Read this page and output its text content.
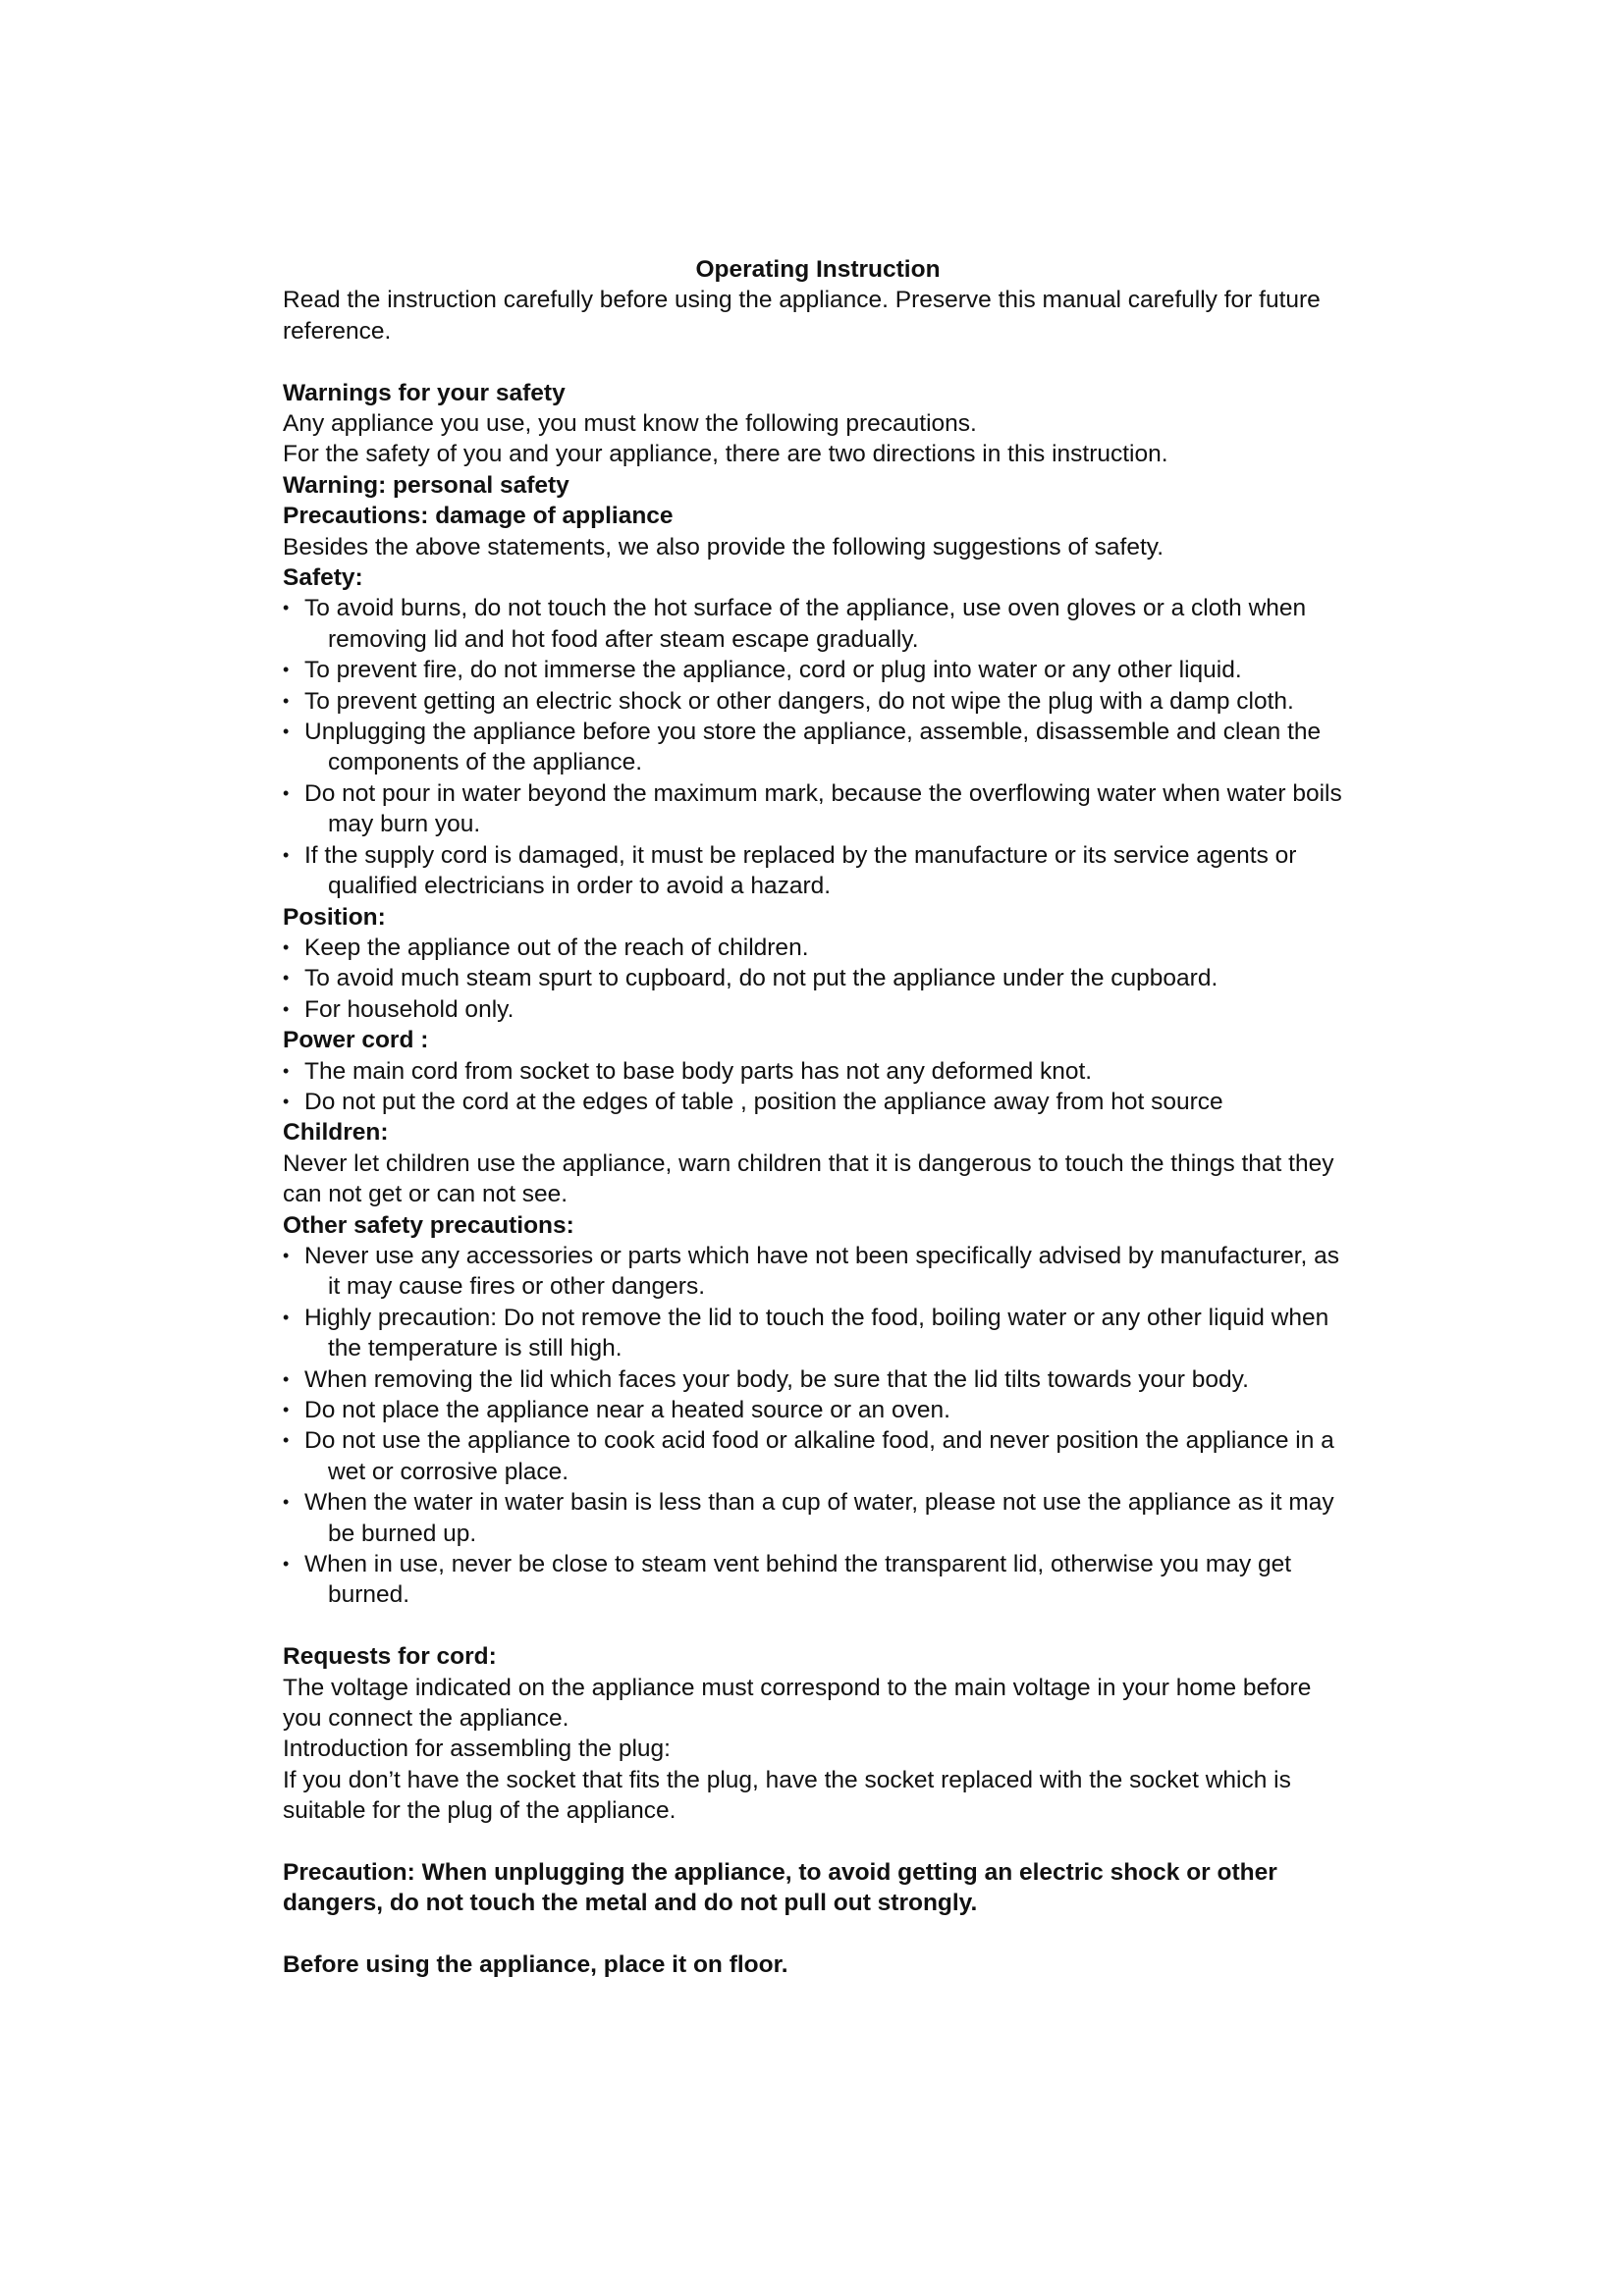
Operating Instruction
Read the instruction carefully before using the appliance. Preserve this manual carefully for future reference.
Warnings for your safety
Any appliance you use, you must know the following precautions.
For the safety of you and your appliance, there are two directions in this instruction.
Warning: personal safety
Precautions: damage of appliance
Besides the above statements, we also provide the following suggestions of safety.
Safety:
• To avoid burns, do not touch the hot surface of the appliance, use oven gloves or a cloth when removing lid and hot food after steam escape gradually.
• To prevent fire, do not immerse the appliance, cord or plug into water or any other liquid.
• To prevent getting an electric shock or other dangers, do not wipe the plug with a damp cloth.
• Unplugging the appliance before you store the appliance, assemble, disassemble and clean the components of the appliance.
• Do not pour in water beyond the maximum mark, because the overflowing water when water boils may burn you.
• If the supply cord is damaged, it must be replaced by the manufacture or its service agents or qualified electricians in order to avoid a hazard.
Position:
• Keep the appliance out of the reach of children.
• To avoid much steam spurt to cupboard, do not put the appliance under the cupboard.
• For household only.
Power cord :
• The main cord from socket to base body parts has not any deformed knot.
• Do not put the cord at the edges of table , position the appliance away from hot source
Children:
Never let children use the appliance, warn children that it is dangerous to touch the things that they can not get or can not see.
Other safety precautions:
• Never use any accessories or parts which have not been specifically advised by manufacturer, as it may cause fires or other dangers.
• Highly precaution: Do not remove the lid to touch the food, boiling water or any other liquid when the temperature is still high.
• When removing the lid which faces your body, be sure that the lid tilts towards your body.
• Do not place the appliance near a heated source or an oven.
• Do not use the appliance to cook acid food or alkaline food, and never position the appliance in a wet or corrosive place.
• When the water in water basin is less than a cup of water, please not use the appliance as it may be burned up.
• When in use, never be close to steam vent behind the transparent lid, otherwise you may get burned.
Requests for cord:
The voltage indicated on the appliance must correspond to the main voltage in your home before you connect the appliance.
Introduction for assembling the plug:
If you don’t have the socket that fits the plug, have the socket replaced with the socket which is suitable for the plug of the appliance.
Precaution: When unplugging the appliance, to avoid getting an electric shock or other dangers, do not touch the metal and do not pull out strongly.
Before using the appliance, place it on floor.
